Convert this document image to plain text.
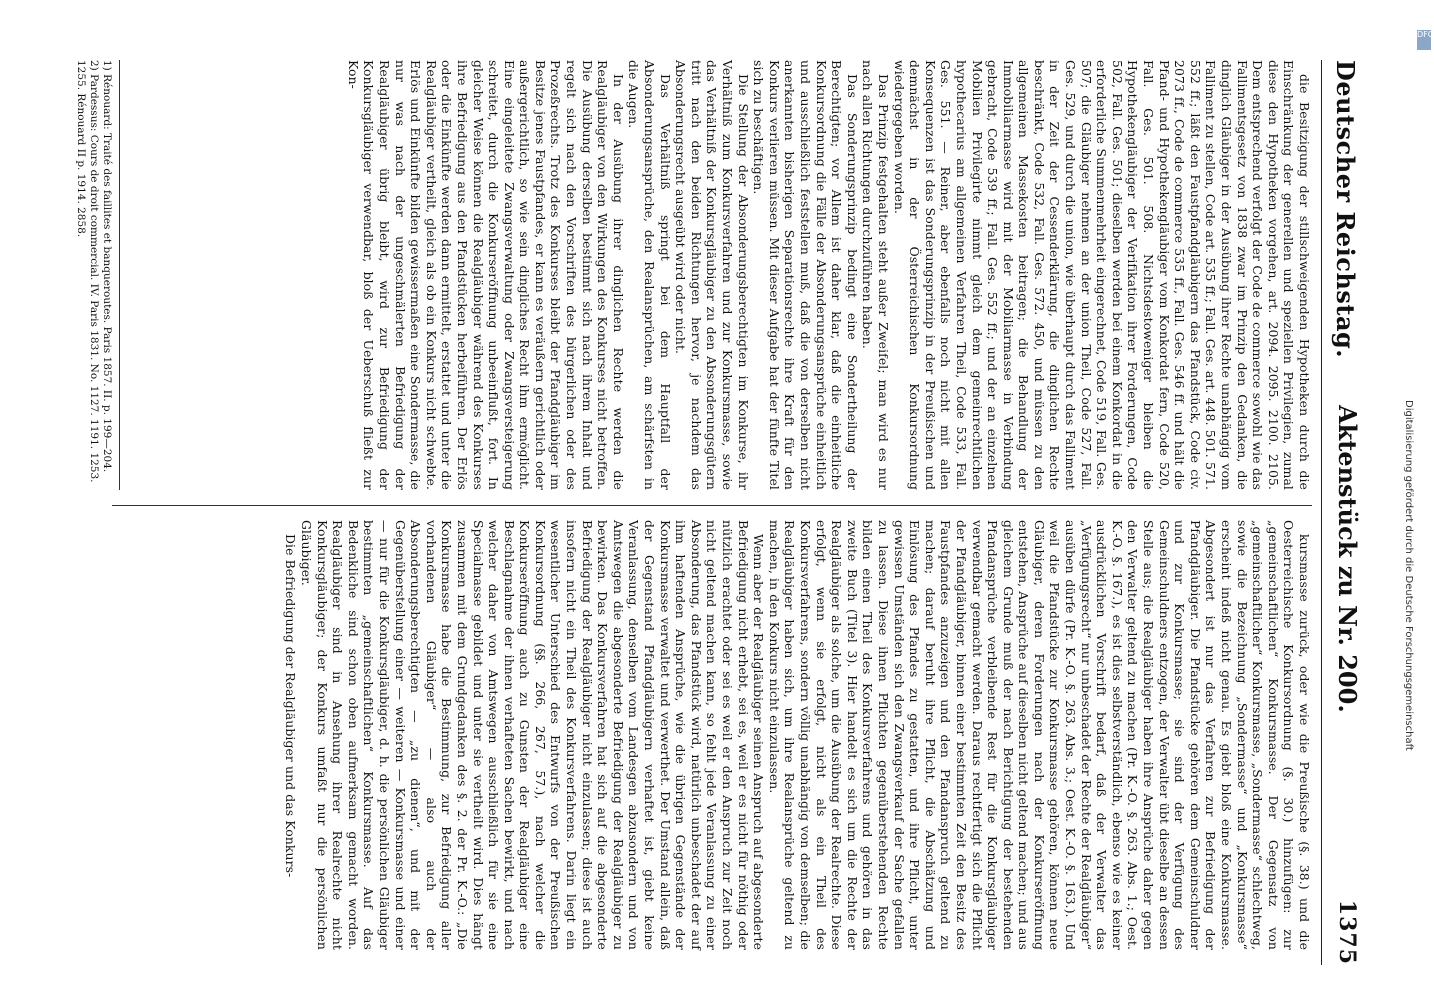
Deutscher Reichstag.
Aktenstück zu Nr. 200.
1375

die Besitzigung der stillschweigenden Hypotheken durch die Einschränkung der generellen und speziellen Privilegien, zumal diese den Hypotheken vorgehen, art. 2094. 2095. 2100. 2105. Dem entsprechend verfolgt der Code de commerce sowohl wie das Fallimentsgesetz von 1838 zwar im Prinzip den Gedanken, die dinglich Gläubiger in der Ausübung ihrer Rechte unabhängig vom Falliment zu stellen, Code art. 535 ff.; Fall. Ges. art. 448. 501. 571. 552 ff.; läßt den Faustpfandgläubigern das Pfandstück, Code civ. 2073 ff., Code de commerce 535 ff., Fall. Ges. 546 ff. und hält die Pfand- und Hypothekengläubiger vom Konkordat fern, Code 520, Fall. Ges. 501. 508. Nichtsdestoweniger bleiben die Hypothekengläubiger der Verifikation ihrer Forderungen, Code 502, Fall. Ges. 501; dieselben werden bei einem Konkordat in die erforderliche Summenmehrheit eingerechnet, Code 519, Fall. Ges. 507; die Gläubiger nehmen an der union Theil, Code 527, Fall. Ges. 529, und durch die union, wie überhaupt durch das Falliment in der Zeit der Cessenderklärung, die dinglichen Rechte beschränkt, Code 532, Fall. Ges. 572. 450, und müssen zu den allgemeinen Massekosten beitragen; die Behandlung der Immobiliarmasse wird mit der Mobiliarmasse in Verbindung gebracht, Code 539 ff.; Fall. Ges. 552 ff.; und der an einzelnen Mobilien Privilegirte nimmt gleich dem gemeinrechtlichen hypothecarius am allgemeinen Verfahren Theil, Code 533, Fall. Ges. 551. — Reiner, aber ebenfalls noch nicht mit allen Konsequenzen ist das Sonderungsprinzip in der Preußischen und demnächst in der Österreichischen Konkursordnung wiedergegeben worden.

Das Prinzip festgehalten steht außer Zweifel; man wird es nur nach allen Richtungen durchzuführen haben.

Das Sonderungsprinzip bedingt eine Sondertheilung der Berechtigten; vor Allem ist daher klar, daß die einheitliche Konkursordnung die Fälle der Absonderungsansprüche einheitlich und ausschließlich feststellen muß, daß die von derselben nicht anerkannten bisherigen Separationsrechte ihre Kraft für den Konkurs verlieren müssen. Mit dieser Aufgabe hat der fünfte Titel sich zu beschäftigen.

Die Stellung der Absonderungsberechtigten im Konkurse, ihr Verhältniß zum Konkursverfahren und zur Konkursmasse, sowie das Verhältniß der Konkursgläubiger zu den Absonderungsgütern tritt nach den beiden Richtungen hervor, je nachdem das Absonderungsrecht ausgeübt wird oder nicht.

Das Verhältniß springt bei dem Hauptfall der Absonderungsansprüche, den Realansprüchen, am schärfsten in die Augen.

In der Ausübung ihrer dinglichen Rechte werden die Realgläubiger von den Wirkungen des Konkurses nicht betroffen. Die Ausübung derselben bestimmt sich nach ihrem Inhalt und regelt sich nach den Vorschriften des bürgerlichen oder des Prozeßrechts. Trotz des Konkurses bleibt der Pfandgläubiger im Besitze jenes Faustpfandes, er kann es veräußern gerichtlich oder außergerichtlich, so wie sein dingliches Recht ihm ermöglicht. Eine eingeleitete Zwangsverwaltung oder Zwangsversteigerung schreitet, durch die Konkurseröffnung unbeeinflußt, fort. In gleicher Weise können die Realgläubiger während des Konkurses ihre Befriedigung aus den Pfandstücken herbeiführen. Der Erlös oder die Einkünfte werden dann ermittelt, erstattet und unter die Realgläubiger vertheilt, gleich als ob ein Konkurs nicht schwebte. Erlös und Einkünfte bilden gewissermaßen eine Sondermasse, die nur was nach der ungeschmälerten Befriedigung der Realgläubiger übrig bleibt, wird zur Befriedigung der Konkursgläubiger verwendbar, bloß der Ueberschuß fließt zur Kon-

kursmasse zurück, oder wie die Preußische (§. 38.) und die Oesterreichische Konkursordnung (§. 30.) hinzufügen: zur „gemeinschaftlichen“ Konkursmasse. Der Gegensatz von „gemeinschaftlicher“ Konkursmasse, „Sondermasse“ schlechtweg, sowie die Bezeichnung „Sondermasse“ und „Konkursmasse“ erscheint indeß nicht genau. Es giebt bloß eine Konkursmasse. Abgesondert ist nur das Verfahren zur Befriedigung der Pfandgläubiger. Die Pfandstücke gehören dem Gemeinschuldner und zur Konkursmasse; sie sind der Verfügung des Gemeinschuldners entzogen, der Verwalter übt dieselbe an dessen Stelle aus; die Realgläubiger haben ihre Ansprüche daher gegen den Verwalter geltend zu machen (Pr. K.-O. §. 263. Abs. 1.; Oest. K.-O. §. 167.), es ist dies selbstverständlich, ebenso wie es keiner ausdrücklichen Vorschrift bedarf, daß der Verwalter das „Verfügungsrecht“ nur unbeschadet der Rechte der Realgläubiger“ ausüben dürfe (Pr. K.-O. §. 263. Abs. 3.; Oest. K.-O. §. 163.). Und weil die Pfandstücke zur Konkursmasse gehören, können neue Gläubiger, deren Forderungen nach der Konkurseröffnung entstehen, Ansprüche auf dieselben nicht geltend machen; und aus gleichem Grunde muß der nach Berichtigung der bestehenden Pfandansprüche verbleibende Rest für die Konkursgläubiger verwendbar gemacht werden. Daraus rechtfertigt sich die Pflicht der Pfandgläubiger, binnen einer bestimmten Zeit den Besitz des Faustpfandes anzuzeigen und den Pfandanspruch geltend zu machen; darauf beruht ihre Pflicht, die Abschätzung und Einlösung des Pfandes zu gestatten, und ihre Pflicht, unter gewissen Umständen sich den Zwangsverkauf der Sache gefallen zu lassen. Diese ihnen Pflichten gegenüberstehenden Rechte bilden einen Theil des Konkursverfahrens und gehören in das zweite Buch (Titel 3). Hier handelt es sich um die Rechte der Realgläubiger als solche, um die Ausübung der Realrechte. Diese erfolgt, wenn sie erfolgt, nicht als ein Theil des Konkursverfahrens, sondern völlig unabhängig von demselben; die Realgläubiger haben sich, um ihre Realansprüche geltend zu machen, in den Konkurs nicht einzulassen.

Wenn aber der Realgläubiger seinen Anspruch auf abgesonderte Befriedigung nicht erhebt, sei es, weil er es nicht für nöthig oder nützlich erachtet oder sei es weil er den Anspruch zur Zeit noch nicht geltend machen kann, so fehlt jede Veranlassung zu einer Absonderung, das Pfandstück wird, natürlich unbeschadet der auf ihm haftenden Ansprüche, wie die übrigen Gegenstände der Konkursmasse verwaltet und verwerthet. Der Umstand allein, daß der Gegenstand Pfandgläubigern verhaftet ist, giebt keine Veranlassung, denselben vom Landesgen abzusondern und von Amtswegen die abgesonderte Befriedigung der Realgläubiger zu bewirken. Das Konkursverfahren hat sich auf die abgesonderte Befriedigung der Realgläubiger nicht einzulassen; diese ist auch insofern nicht ein Theil des Konkursverfahrens. Darin liegt ein wesentlicher Unterschied des Entwurfs von der Preußischen Konkursordnung (§§. 266, 267, 57.), nach welcher die Konkurseröffnung auch zu Gunsten der Realgläubiger eine Beschlagnahme der ihnen verhafteten Sachen bewirkt, und nach welcher daher von Amtswegen ausschließlich für sie eine Specialmasse gebildet und unter sie vertheilt wird. Dies hängt zusammen mit dem Grundgedanken des §. 2. der Pr. K.-O.: „Die Konkursmasse habe die Bestimmung, zur Befriedigung aller vorhandenen Gläubiger“ — also auch der Absonderungsberechtigten — „zu dienen“, und mit der Gegenüberstellung einer — weiteren — Konkursmasse und einer — nur für die Konkursgläubiger, d. h. die persönlichen Gläubiger bestimmten „gemeinschaftlichen“ Konkursmasse. Auf das Bedenkliche sind schon oben aufmerksam gemacht worden. Realgläubiger sind in Ansehung ihrer Realrechte nicht Konkursgläubiger; der Konkurs umfaßt nur die persönlichen Gläubiger.

Die Befriedigung der Realgläubiger und das Konkurs-

1) Rénouard: Traité des faillites et banqueroutes. Paris 1857. II. p. 199—204.
2) Pardessus: Cours de droit commercial. IV. Paris 1831. No. 1127. 1191. 1253. 1255. Rénouard II p. 1914. 2858.
DFG
Digitalisierung gefördert durch die Deutsche Forschungsgemeinschaft
